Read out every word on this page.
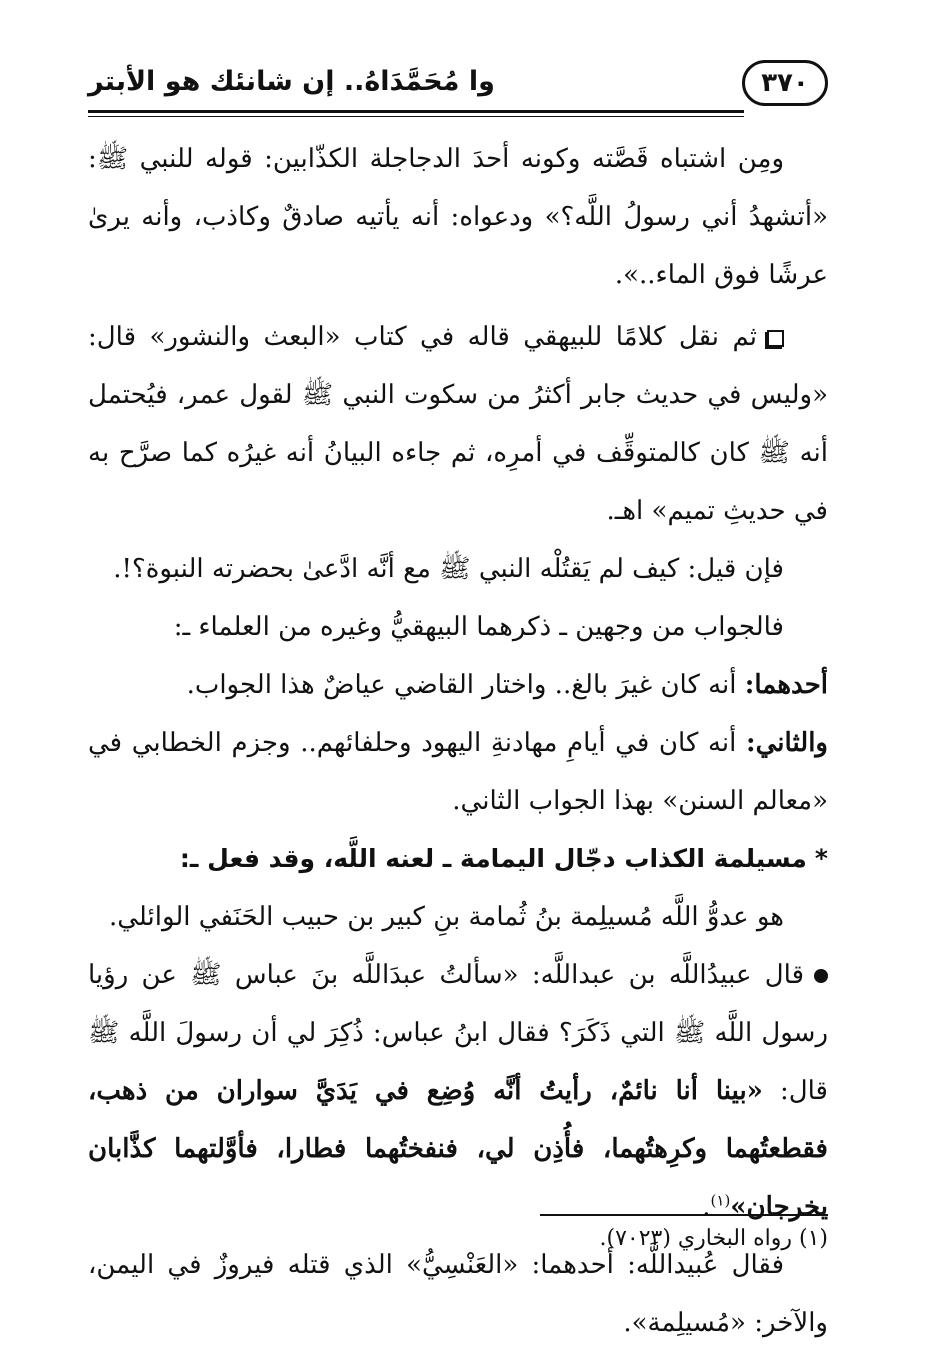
وا مُحَمَّدَاهُ.. إن شانئك هو الأبتر	٣٧٠

ومِن اشتباه قَصَّته وكونه أحدَ الدجاجلة الكذّابين: قوله للنبي ﷺ: «أتشهدُ أني رسولُ اللَّه؟» ودعواه: أنه يأتيه صادقٌ وكاذب، وأنه يرىٰ عرشًا فوق الماء..».

ثم نقل كلامًا للبيهقي قاله في كتاب «البعث والنشور» قال: «وليس في حديث جابر أكثرُ من سكوت النبي ﷺ لقول عمر، فيُحتمل أنه ﷺ كان كالمتوقِّف في أمرِه، ثم جاءه البيانُ أنه غيرُه كما صرَّح به في حديثِ تميم» اهـ.

فإن قيل: كيف لم يَقتُلْه النبي ﷺ مع أنَّه ادَّعىٰ بحضرته النبوة؟!.

فالجواب من وجهين ـ ذكرهما البيهقيُّ وغيره من العلماء ـ:

أحدهما: أنه كان غيرَ بالغ.. واختار القاضي عياضٌ هذا الجواب.

والثاني: أنه كان في أيامِ مهادنةِ اليهود وحلفائهم.. وجزم الخطابي في «معالم السنن» بهذا الجواب الثاني.

*مسيلمة الكذاب دجّال اليمامة ـ لعنه اللَّه، وقد فعل ـ:

هو عدوُّ اللَّه مُسيلِمة بنُ ثُمامة بنِ كبير بن حبيب الحَنَفي الوائلي.

قال عبيدُاللَّه بن عبداللَّه: «سألتُ عبدَاللَّه بنَ عباس ﷺ عن رؤيا رسول اللَّه ﷺ التي ذَكَرَ؟ فقال ابنُ عباس: ذُكِرَ لي أن رسولَ اللَّه ﷺ قال: «بينا أنا نائمٌ، رأيتُ أنَّه وُضِع في يَدَيَّ سواران من ذهب، فقطعتُهما وكرِهتُهما، فأُذِن لي، فنفختُهما فطارا، فأوَّلتهما كذَّابان يخرجان»$^{(١)}$.

فقال عُبيداللَّه: أحدهما: «العَنْسِيُّ» الذي قتله فيروزٌ في اليمن، والآخر: «مُسيلِمة».

(١) رواه البخاري (٧٠٢٣).
